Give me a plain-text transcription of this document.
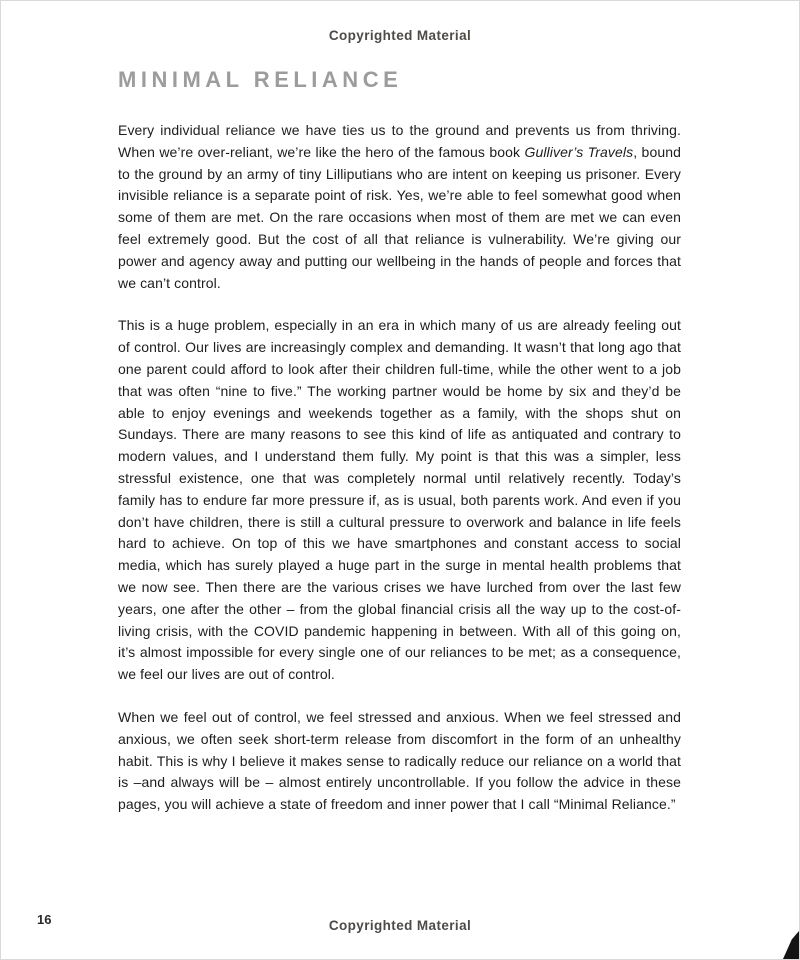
Copyrighted Material
MINIMAL RELIANCE

Every individual reliance we have ties us to the ground and prevents us from thriving. When we’re over-reliant, we’re like the hero of the famous book Gulliver’s Travels, bound to the ground by an army of tiny Lilliputians who are intent on keeping us prisoner. Every invisible reliance is a separate point of risk. Yes, we’re able to feel somewhat good when some of them are met. On the rare occasions when most of them are met we can even feel extremely good. But the cost of all that reliance is vulnerability. We’re giving our power and agency away and putting our wellbeing in the hands of people and forces that we can’t control.

This is a huge problem, especially in an era in which many of us are already feeling out of control. Our lives are increasingly complex and demanding. It wasn’t that long ago that one parent could afford to look after their children full-time, while the other went to a job that was often “nine to five.” The working partner would be home by six and they’d be able to enjoy evenings and weekends together as a family, with the shops shut on Sundays. There are many reasons to see this kind of life as antiquated and contrary to modern values, and I understand them fully. My point is that this was a simpler, less stressful existence, one that was completely normal until relatively recently. Today’s family has to endure far more pressure if, as is usual, both parents work. And even if you don’t have children, there is still a cultural pressure to overwork and balance in life feels hard to achieve. On top of this we have smartphones and constant access to social media, which has surely played a huge part in the surge in mental health problems that we now see. Then there are the various crises we have lurched from over the last few years, one after the other – from the global financial crisis all the way up to the cost-of-living crisis, with the COVID pandemic happening in between. With all of this going on, it’s almost impossible for every single one of our reliances to be met; as a consequence, we feel our lives are out of control.

When we feel out of control, we feel stressed and anxious. When we feel stressed and anxious, we often seek short-term release from discomfort in the form of an unhealthy habit. This is why I believe it makes sense to radically reduce our reliance on a world that is –and always will be – almost entirely uncontrollable. If you follow the advice in these pages, you will achieve a state of freedom and inner power that I call “Minimal Reliance.”

16	Copyrighted Material
